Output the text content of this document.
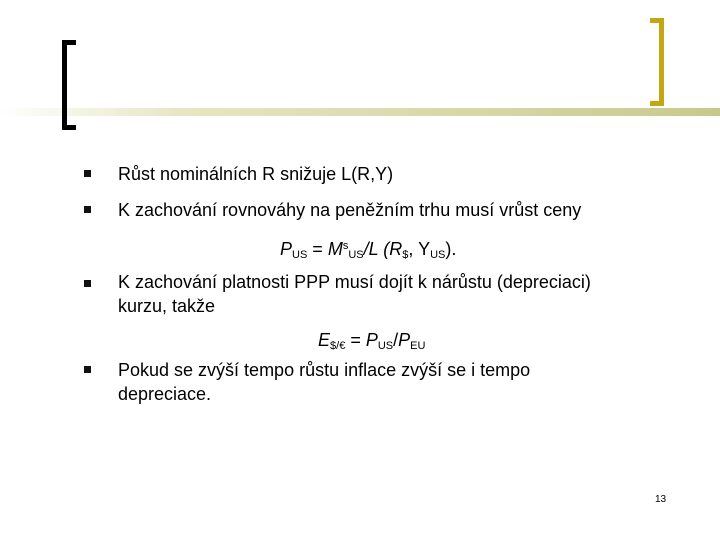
Růst nominálních R snižuje L(R,Y)
K zachování rovnováhy na peněžním trhu musí vrůst ceny
$P_{US} = M^s_{US}/L$ ($R_{\$}$, $Y_{US}$).
K zachování platnosti PPP musí dojít k nárůstu (depreciaci)
kurzu, takže
$E_{\$/€} = P_{US}/P_{EU}$
Pokud se zvýší tempo růstu inflace zvýší se i tempo
depreciace.
13
